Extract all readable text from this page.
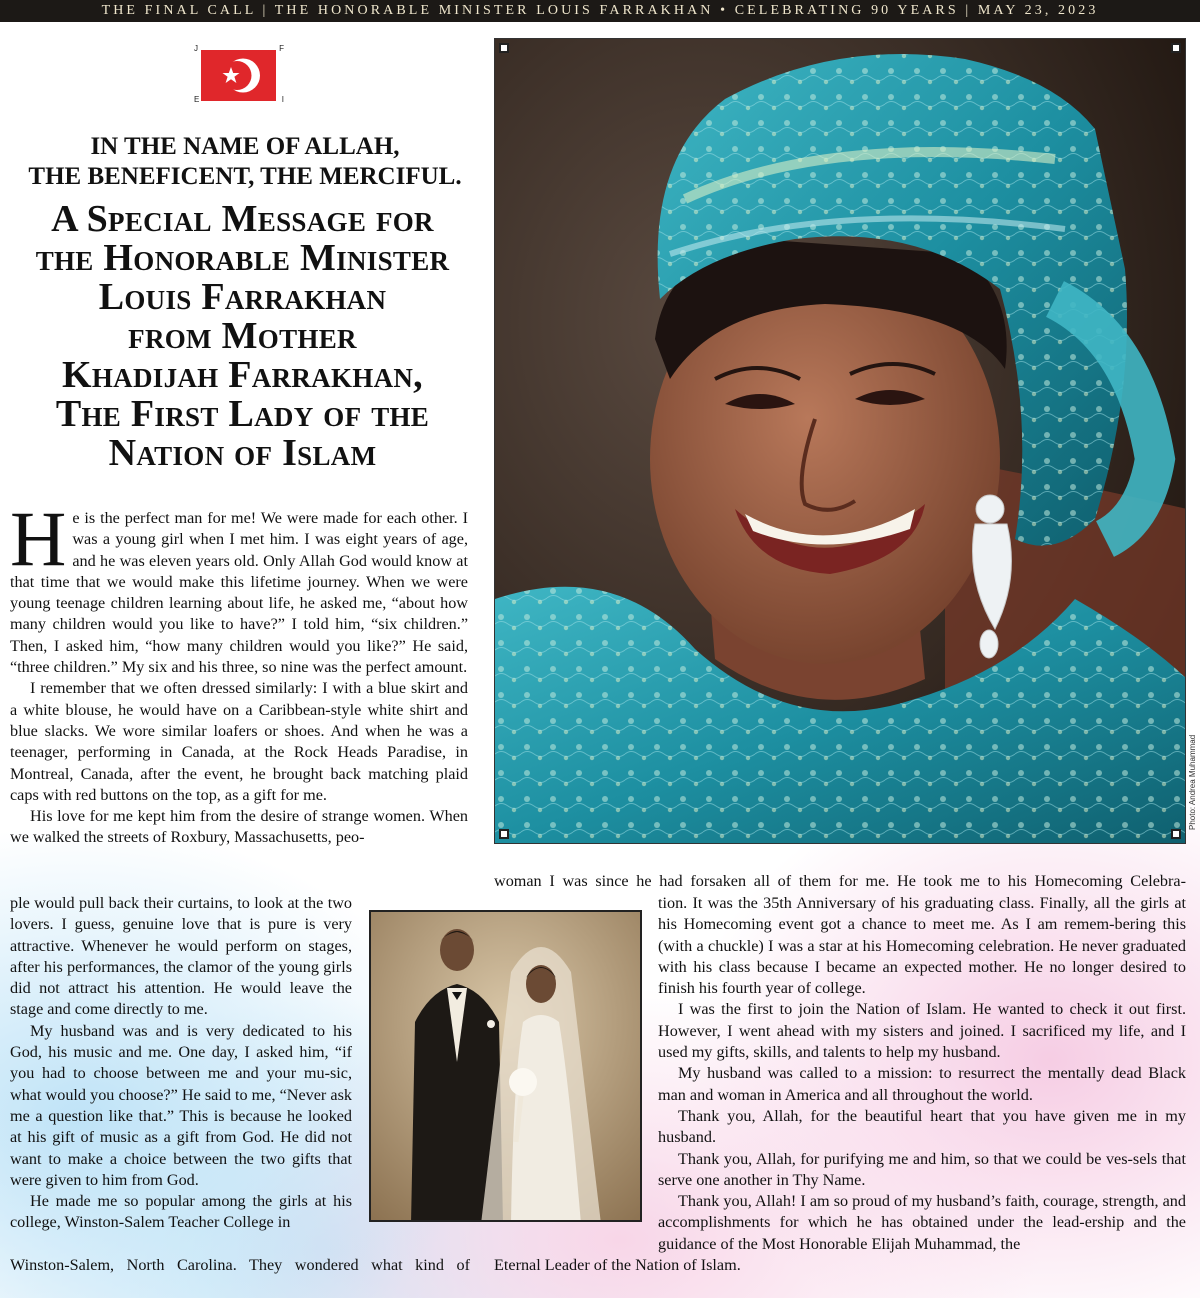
THE FINAL CALL | THE HONORABLE MINISTER LOUIS FARRAKHAN • CELEBRATING 90 YEARS | MAY 23, 2023
J	F
E	I
IN THE NAME OF ALLAH,
THE BENEFICENT, THE MERCIFUL.
A Special Message for
the Honorable Minister
Louis Farrakhan
from Mother
Khadijah Farrakhan,
The First Lady of the
Nation of Islam
Photo: Andrea Muhammad

He is the perfect man for me! We were made for each other. I was a young girl when I met him. I was eight years of age, and he was eleven years old. Only Allah God would know at that time that we would make this lifetime journey. When we were young teenage children learning about life, he asked me, “about how many children would you like to have?” I told him, “six children.” Then, I asked him, “how many children would you like?” He said, “three children.” My six and his three, so nine was the perfect amount.

I remember that we often dressed similarly: I with a blue skirt and a white blouse, he would have on a Caribbean-style white shirt and blue slacks. We wore similar loafers or shoes. And when he was a teenager, performing in Canada, at the Rock Heads Paradise, in Montreal, Canada, after the event, he brought back matching plaid caps with red buttons on the top, as a gift for me.

His love for me kept him from the desire of strange women. When we walked the streets of Roxbury, Massachusetts, peo-

ple would pull back their curtains, to look at the two lovers. I guess, genuine love that is pure is very attractive. Whenever he would perform on stages, after his performances, the clamor of the young girls did not attract his attention. He would leave the stage and come directly to me.

My husband was and is very dedicated to his God, his music and me. One day, I asked him, “if you had to choose between me and your mu-sic, what would you choose?” He said to me, “Never ask me a question like that.” This is because he looked at his gift of music as a gift from God. He did not want to make a choice between the two gifts that were given to him from God.

He made me so popular among the girls at his college, Winston-Salem Teacher College in

Winston-Salem, North Carolina. They wondered what kind of
woman I was since he had forsaken all of them for me. He took me to his Homecoming Celebra-

tion. It was the 35th Anniversary of his graduating class. Finally, all the girls at his Homecoming event got a chance to meet me. As I am remem-bering this (with a chuckle) I was a star at his Homecoming celebration. He never graduated with his class because I became an expected mother. He no longer desired to finish his fourth year of college.

I was the first to join the Nation of Islam. He wanted to check it out first. However, I went ahead with my sisters and joined. I sacrificed my life, and I used my gifts, skills, and talents to help my husband.

My husband was called to a mission: to resurrect the mentally dead Black man and woman in America and all throughout the world.

Thank you, Allah, for the beautiful heart that you have given me in my husband.

Thank you, Allah, for purifying me and him, so that we could be ves-sels that serve one another in Thy Name.

Thank you, Allah! I am so proud of my husband’s faith, courage, strength, and accomplishments for which he has obtained under the lead-ership and the guidance of the Most Honorable Elijah Muhammad, the

Eternal Leader of the Nation of Islam.
